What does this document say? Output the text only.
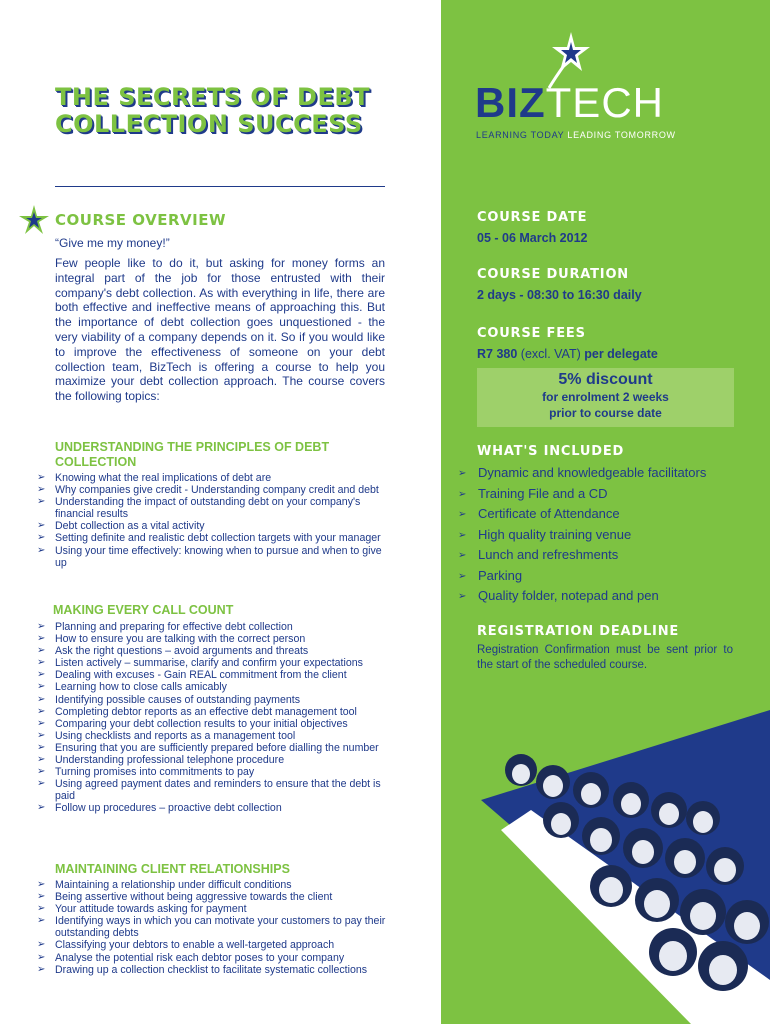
THE SECRETS OF DEBT COLLECTION SUCCESS
COURSE OVERVIEW
“Give me my money!”
Few people like to do it, but asking for money forms an integral part of the job for those entrusted with their company's debt collection. As with everything in life, there are both effective and ineffective means of approaching this. But the importance of debt collection goes unquestioned - the very viability of a company depends on it. So if you would like to improve the effectiveness of someone on your debt collection team, BizTech is offering a course to help you maximize your debt collection approach. The course covers the following topics:
UNDERSTANDING THE PRINCIPLES OF DEBT COLLECTION
➢ Knowing what the real implications of debt are
➢ Why companies give credit - Understanding company credit and debt
➢ Understanding the impact of outstanding debt on your company's financial results
➢ Debt collection as a vital activity
➢ Setting definite and realistic debt collection targets with your manager
➢ Using your time effectively: knowing when to pursue and when to give up
MAKING EVERY CALL COUNT
➢ Planning and preparing for effective debt collection
➢ How to ensure you are talking with the correct person
➢ Ask the right questions – avoid arguments and threats
➢ Listen actively – summarise, clarify and confirm your expectations
➢ Dealing with excuses - Gain REAL commitment from the client
➢ Learning how to close calls amicably
➢ Identifying possible causes of outstanding payments
➢ Completing debtor reports as an effective debt management tool
➢ Comparing your debt collection results to your initial objectives
➢ Using checklists and reports as a management tool
➢ Ensuring that you are sufficiently prepared before dialling the number
➢ Understanding professional telephone procedure
➢ Turning promises into commitments to pay
➢ Using agreed payment dates and reminders to ensure that the debt is paid
➢ Follow up procedures – proactive debt collection
MAINTAINING CLIENT RELATIONSHIPS
➢ Maintaining a relationship under difficult conditions
➢ Being assertive without being aggressive towards the client
➢ Your attitude towards asking for payment
➢ Identifying ways in which you can motivate your customers to pay their outstanding debts
➢ Classifying your debtors to enable a well-targeted approach
➢ Analyse the potential risk each debtor poses to your company
➢ Drawing up a collection checklist to facilitate systematic collections
BIZTECH
LEARNING TODAY LEADING TOMORROW
COURSE DATE
05 - 06 March 2012
COURSE DURATION
2 days - 08:30 to 16:30 daily
COURSE FEES
R7 380 (excl. VAT) per delegate
5% discount
for enrolment 2 weeks
prior to course date
WHAT'S INCLUDED
➢ Dynamic and knowledgeable facilitators
➢ Training File and a CD
➢ Certificate of Attendance
➢ High quality training venue
➢ Lunch and refreshments
➢ Parking
➢ Quality folder, notepad and pen
REGISTRATION DEADLINE
Registration Confirmation must be sent prior to the start of the scheduled course.
